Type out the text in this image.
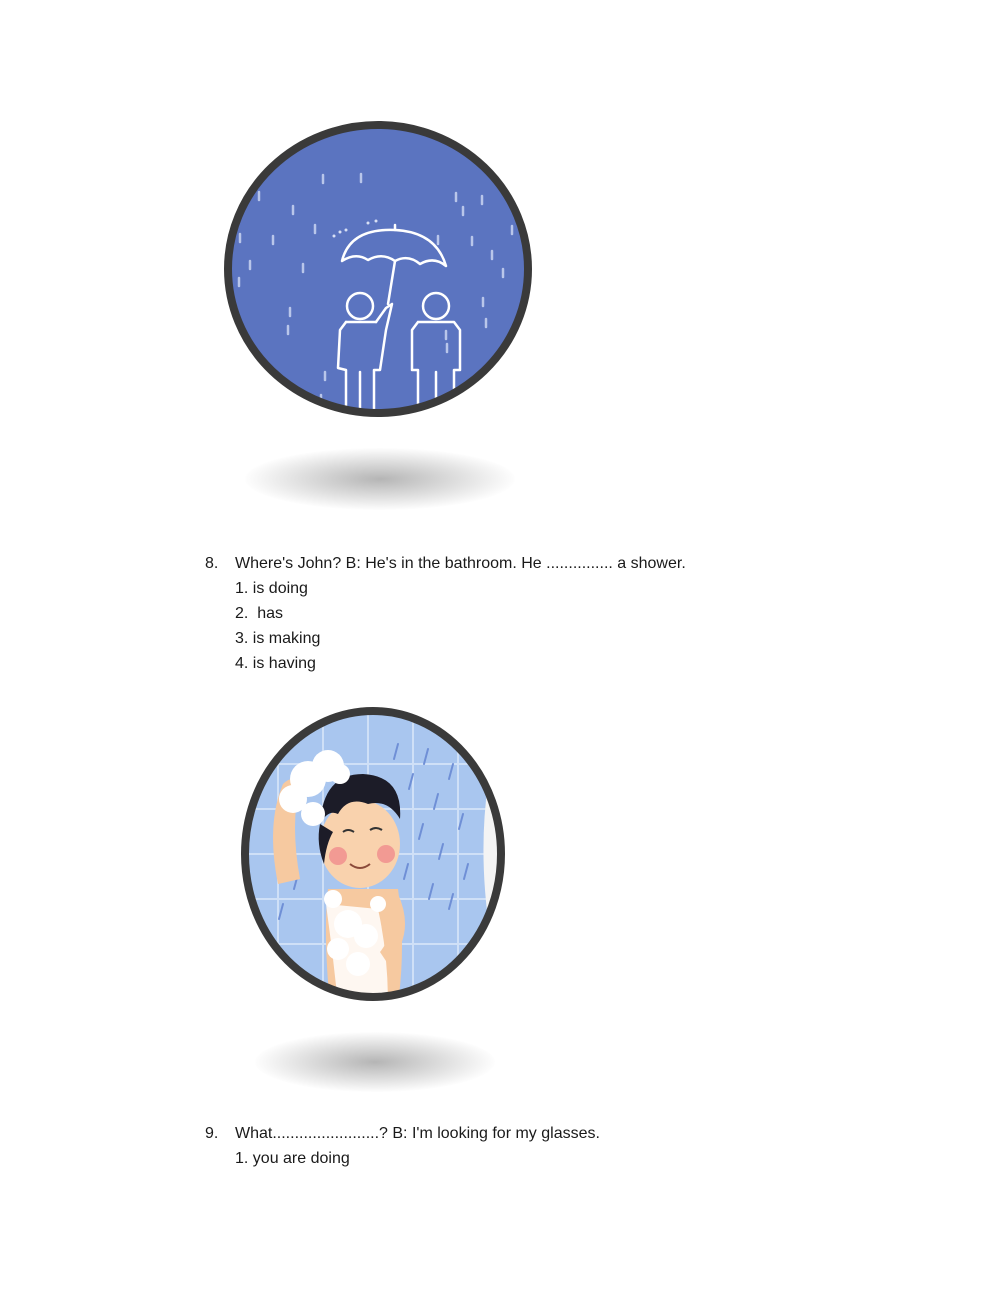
8. Where's John? B: He's in the bathroom. He ............... a shower.
1. is doing
2.  has
3. is making
4. is having
9. What........................? B: I'm looking for my glasses.
1. you are doing
